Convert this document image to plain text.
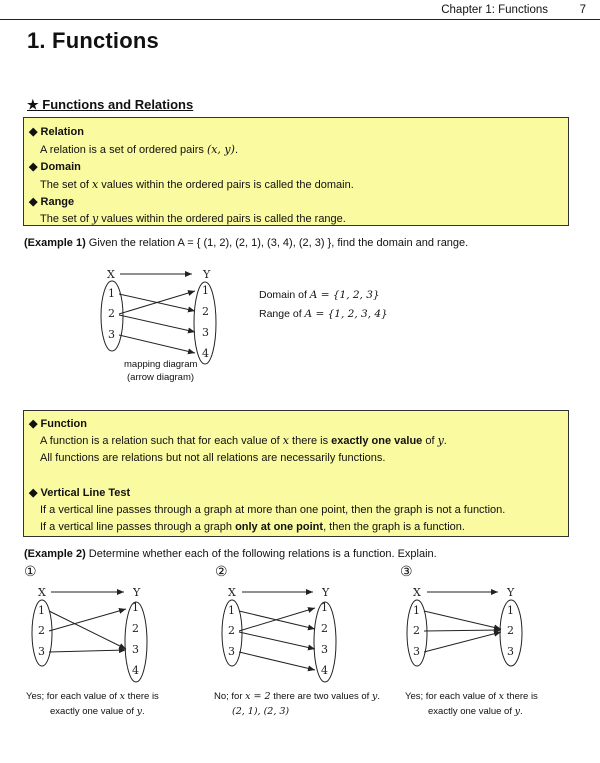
Chapter 1: Functions	7
1. Functions
★ Functions and Relations
◆ Relation
A relation is a set of ordered pairs (x, y).
◆ Domain
The set of x values within the ordered pairs is called the domain.
◆ Range
The set of y values within the ordered pairs is called the range.
(Example 1) Given the relation A = { (1, 2), (2, 1), (3, 4), (2, 3) }, find the domain and range.
X	Y
1
2
3
1
2
3
4
mapping diagram
(arrow diagram)
Domain of A = {1, 2, 3}
Range of A = {1, 2, 3, 4}
◆ Function
A function is a relation such that for each value of x there is exactly one value of y.
All functions are relations but not all relations are necessarily functions.
◆ Vertical Line Test
If a vertical line passes through a graph at more than one point, then the graph is not a function.
If a vertical line passes through a graph only at one point, then the graph is a function.
(Example 2) Determine whether each of the following relations is a function. Explain.
①	②	③
X	Y
1
2
3
1
2
3
4
X	Y
1
2
3
1
2
3
4
X	Y
1
2
3
1
2
3
Yes; for each value of x there is
exactly one value of y.
No; for x = 2 there are two values of y.
(2, 1), (2, 3)
Yes; for each value of x there is
exactly one value of y.
